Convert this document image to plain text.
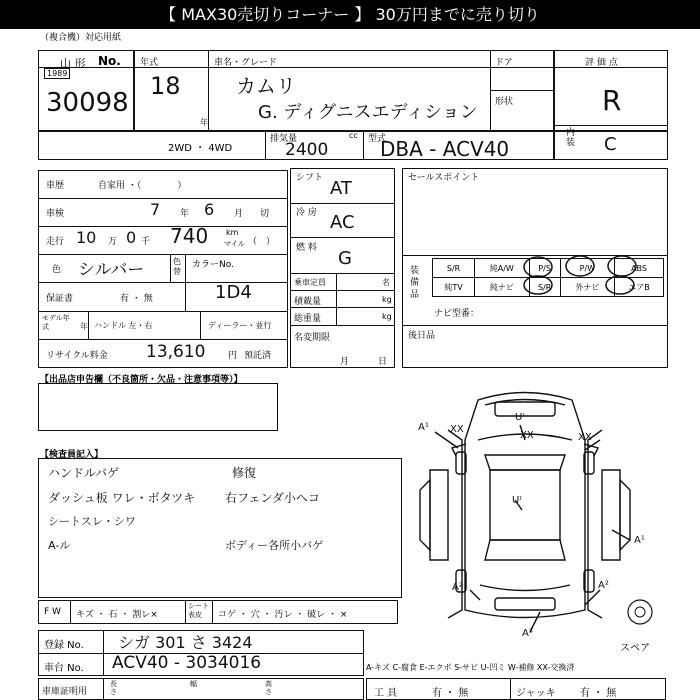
【 MAX30売切りコーナー 】 30万円までに売り切り
（複合機）対応用紙
山 形 No.
1989
30098
年式
18
年
車名・グレード
カムリ
G. ディグニスエディション
ドア
形状
評 価 点
R
内装 C
2WD ・ 4WD
排気量	cc
2400
型式
DBA - ACV40
車歴	自家用 ・（　　　　）
車検	7 年 6 月 切
走行 10 万 0 千 740 km
マイル （　）
色 シルバー	色替
カラーNo.
1D4
保証書	有 ・ 無
モデル年式	年 ハンドル 左・右	ディーラー・並行
リサイクル料金 13,610	円 預託済
シフト AT
冷 房 AC
燃 料 G
乗車定員	名
積載量	kg
総重量	kg
名変期限
月	日
セールスポイント
装備品
S/R	純A/W	P/S	P/W	ABS
純TV	純ナビ	S/R	外ナビ	エアB
ナビ型番：
後日品
【出品店申告欄（不良箇所・欠品・注意事項等）】
【検査員記入】
ハンドルバゲ
ダッシュ板 ワレ・ボタツキ
シートスレ・シワ
A-ル
修復
右フェンダ小ヘコ
ボディー各所小バゲ
A¹ XX
Uᶦ
XX	XX
A¹
Uᶦ
A²	A²
A³
スペア
F W キズ ・ 石 ・ 割レ×
シート表皮	コゲ ・ 穴 ・ 汚レ ・ 破レ ・ ×
登録 No. シガ 301 さ 3424
車台 No. ACV40 - 3034016	A-キズ C-腐食 E-エクボ S-サビ U-凹ミ W-補修 XX-交換済
車庫証明用
長さ
幅	高さ	工 具	有 ・ 無	ジャッキ 有 ・ 無
